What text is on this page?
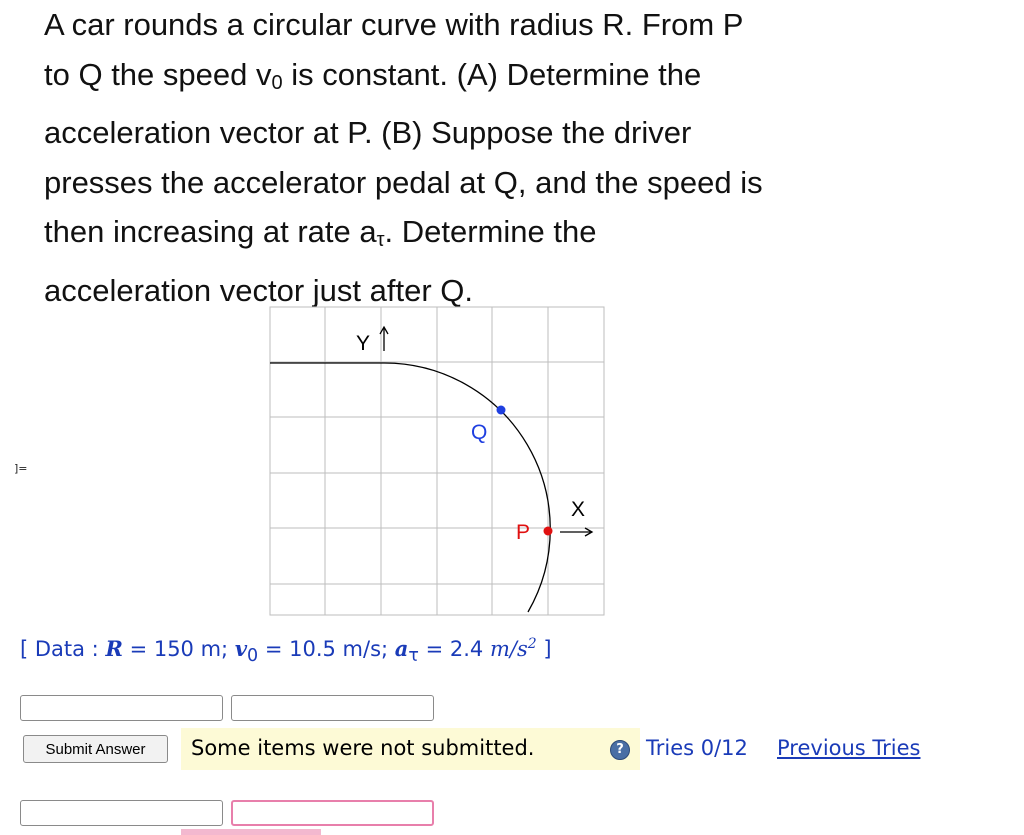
A car rounds a circular curve with radius R. From P
to Q the speed $v_0$ is constant. (A) Determine the
acceleration vector at P. (B) Suppose the driver
presses the accelerator pedal at Q, and the speed is
then increasing at rate $a_\tau$. Determine the
acceleration vector just after Q.
]=
Y
X
Q
P
[ Data : R = 150 m; $v_0 = 10.5$ m/s; $a_\tau = 2.4$ $m/s^2$ ]
Submit Answer	Some items were not submitted.	? Tries 0/12 Previous Tries
